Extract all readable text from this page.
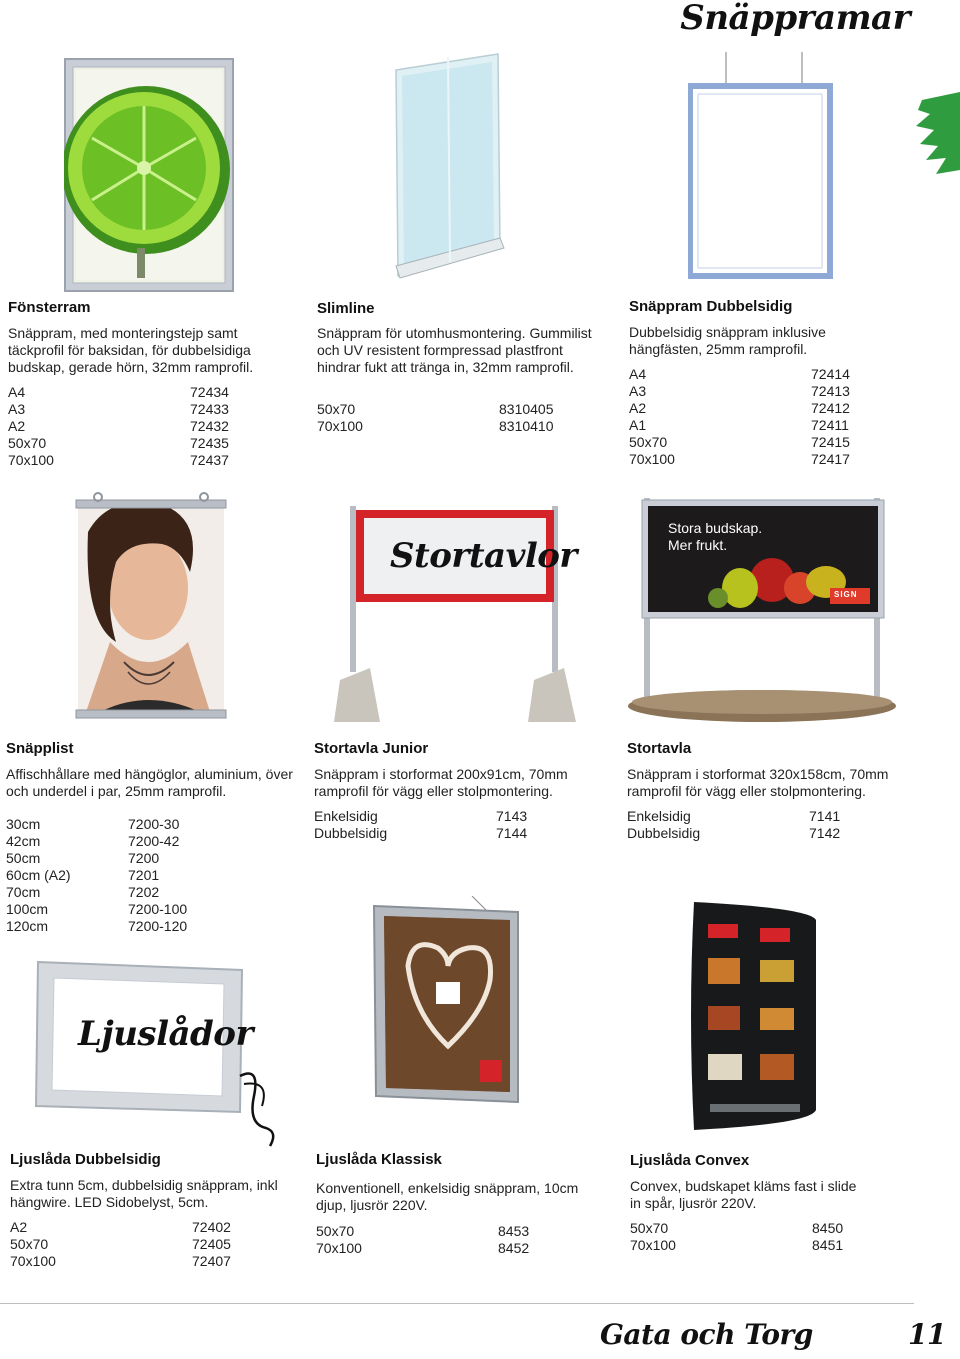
Snäppramar
Fönsterram
Snäppram, med monteringstejp samt täckprofil för baksidan, för dubbelsidiga budskap, gerade hörn, 32mm ramprofil.
A4	72434
A3	72433
A2	72432
50x70	72435
70x100	72437
Slimline
Snäppram för utomhusmontering. Gummilist och UV resistent formpressad plastfront hindrar fukt att tränga in, 32mm ramprofil.
50x70	8310405
70x100	8310410
Snäppram Dubbelsidig
Dubbelsidig snäppram inklusive hängfästen, 25mm ramprofil.
A4	72414
A3	72413
A2	72412
A1	72411
50x70	72415
70x100	72417
Stortavlor
Stora budskap.
Mer frukt.
SIGN
Snäpplist
Affischhållare med hängöglor, aluminium, över och underdel i par, 25mm ramprofil.
30cm	7200-30
42cm	7200-42
50cm	7200
60cm (A2)	7201
70cm	7202
100cm	7200-100
120cm	7200-120
Stortavla Junior
Snäppram i storformat 200x91cm, 70mm ramprofil för vägg eller stolpmontering.
Enkelsidig	7143
Dubbelsidig	7144
Stortavla
Snäppram i storformat 320x158cm, 70mm ramprofil för vägg eller stolpmontering.
Enkelsidig	7141
Dubbelsidig	7142
Ljuslådor
Ljuslåda Dubbelsidig
Extra tunn 5cm, dubbelsidig snäppram, inkl hängwire. LED Sidobelyst, 5cm.
A2	72402
50x70	72405
70x100	72407
Ljuslåda Klassisk
Konventionell, enkelsidig snäppram, 10cm djup, ljusrör 220V.
50x70	8453
70x100	8452
Ljuslåda Convex
Convex, budskapet kläms fast i slide in spår, ljusrör 220V.
50x70	8450
70x100	8451
Gata och Torg	11
